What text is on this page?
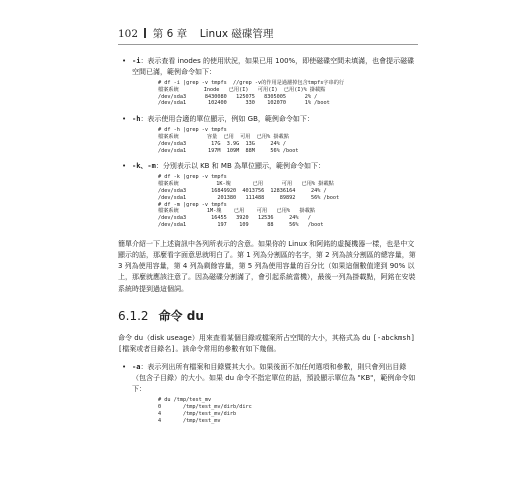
102 第 6 章 Linux 磁碟管理
• -i：表示查看 inodes 的使用狀況，如果已用 100%，即使磁碟空間未填滿，也會提示磁碟空間已滿，範例命令如下：
# df -i |grep -v tmpfs  //grep -v的作用是過濾掉包含tmpfs字串的行
檔案系統        Inode   已用(I)   可用(I)  已用(I)% 掛載點
/dev/sda3      8430080   125075   8305005      2% /
/dev/sda1       102400      330    102070      1% /boot
• -h：表示使用合適的單位顯示，例如 GB，範例命令如下：
# df -h |grep -v tmpfs
檔案系統         容量  已用  可用  已用% 掛載點
/dev/sda3        17G  3.9G  13G     24% /
/dev/sda1       197M  109M  88M     56% /boot
• -k、-m：分別表示以 KB 和 MB 為單位顯示，範例命令如下：
# df -k |grep -v tmpfs
檔案系統            1K-塊       已用      可用   已用% 掛載點
/dev/sda3        16849920  4013756  12836164     24% /
/dev/sda1          201380   111488     89892     56% /boot
# df -m |grep -v tmpfs
檔案系統         1M-塊    已用    可用   已用%   掛載點
/dev/sda3        16455   3920   12536     24%   /
/dev/sda1          197    109      88     56%   /boot

簡單介紹一下上述資訊中各列所表示的含意。如果你的 Linux 和阿銘的虛擬機器一樣，也是中文顯示的話，那麼看字面意思就明白了。第 1 列為分割區的名字，第 2 列為該分割區的總容量，第 3 列為使用容量，第 4 列為剩餘容量，第 5 列為使用容量的百分比（如果這個數值達到 90% 以上，那麼就應該注意了。因為磁碟分割滿了，會引起系統當機），最後一列為掛載點，阿銘在安裝系統時提到過這個詞。

6.1.2 命令 du

命令 du（disk useage）用來查看某個目錄或檔案所占空間的大小，其格式為 du [-abckmsh] [檔案或者目錄名]。該命令常用的參數有如下幾個。

• -a：表示列出所有檔案和目錄暨其大小。如果後面不加任何選項和參數，則只會列出目錄（包含子目錄）的大小。如果 du 命令不指定單位的話，預設顯示單位為 "KB"，範例命令如下：
# du /tmp/test_mv
0       /tmp/test_mv/dirb/dirc
4       /tmp/test_mv/dirb
4       /tmp/test_mv
